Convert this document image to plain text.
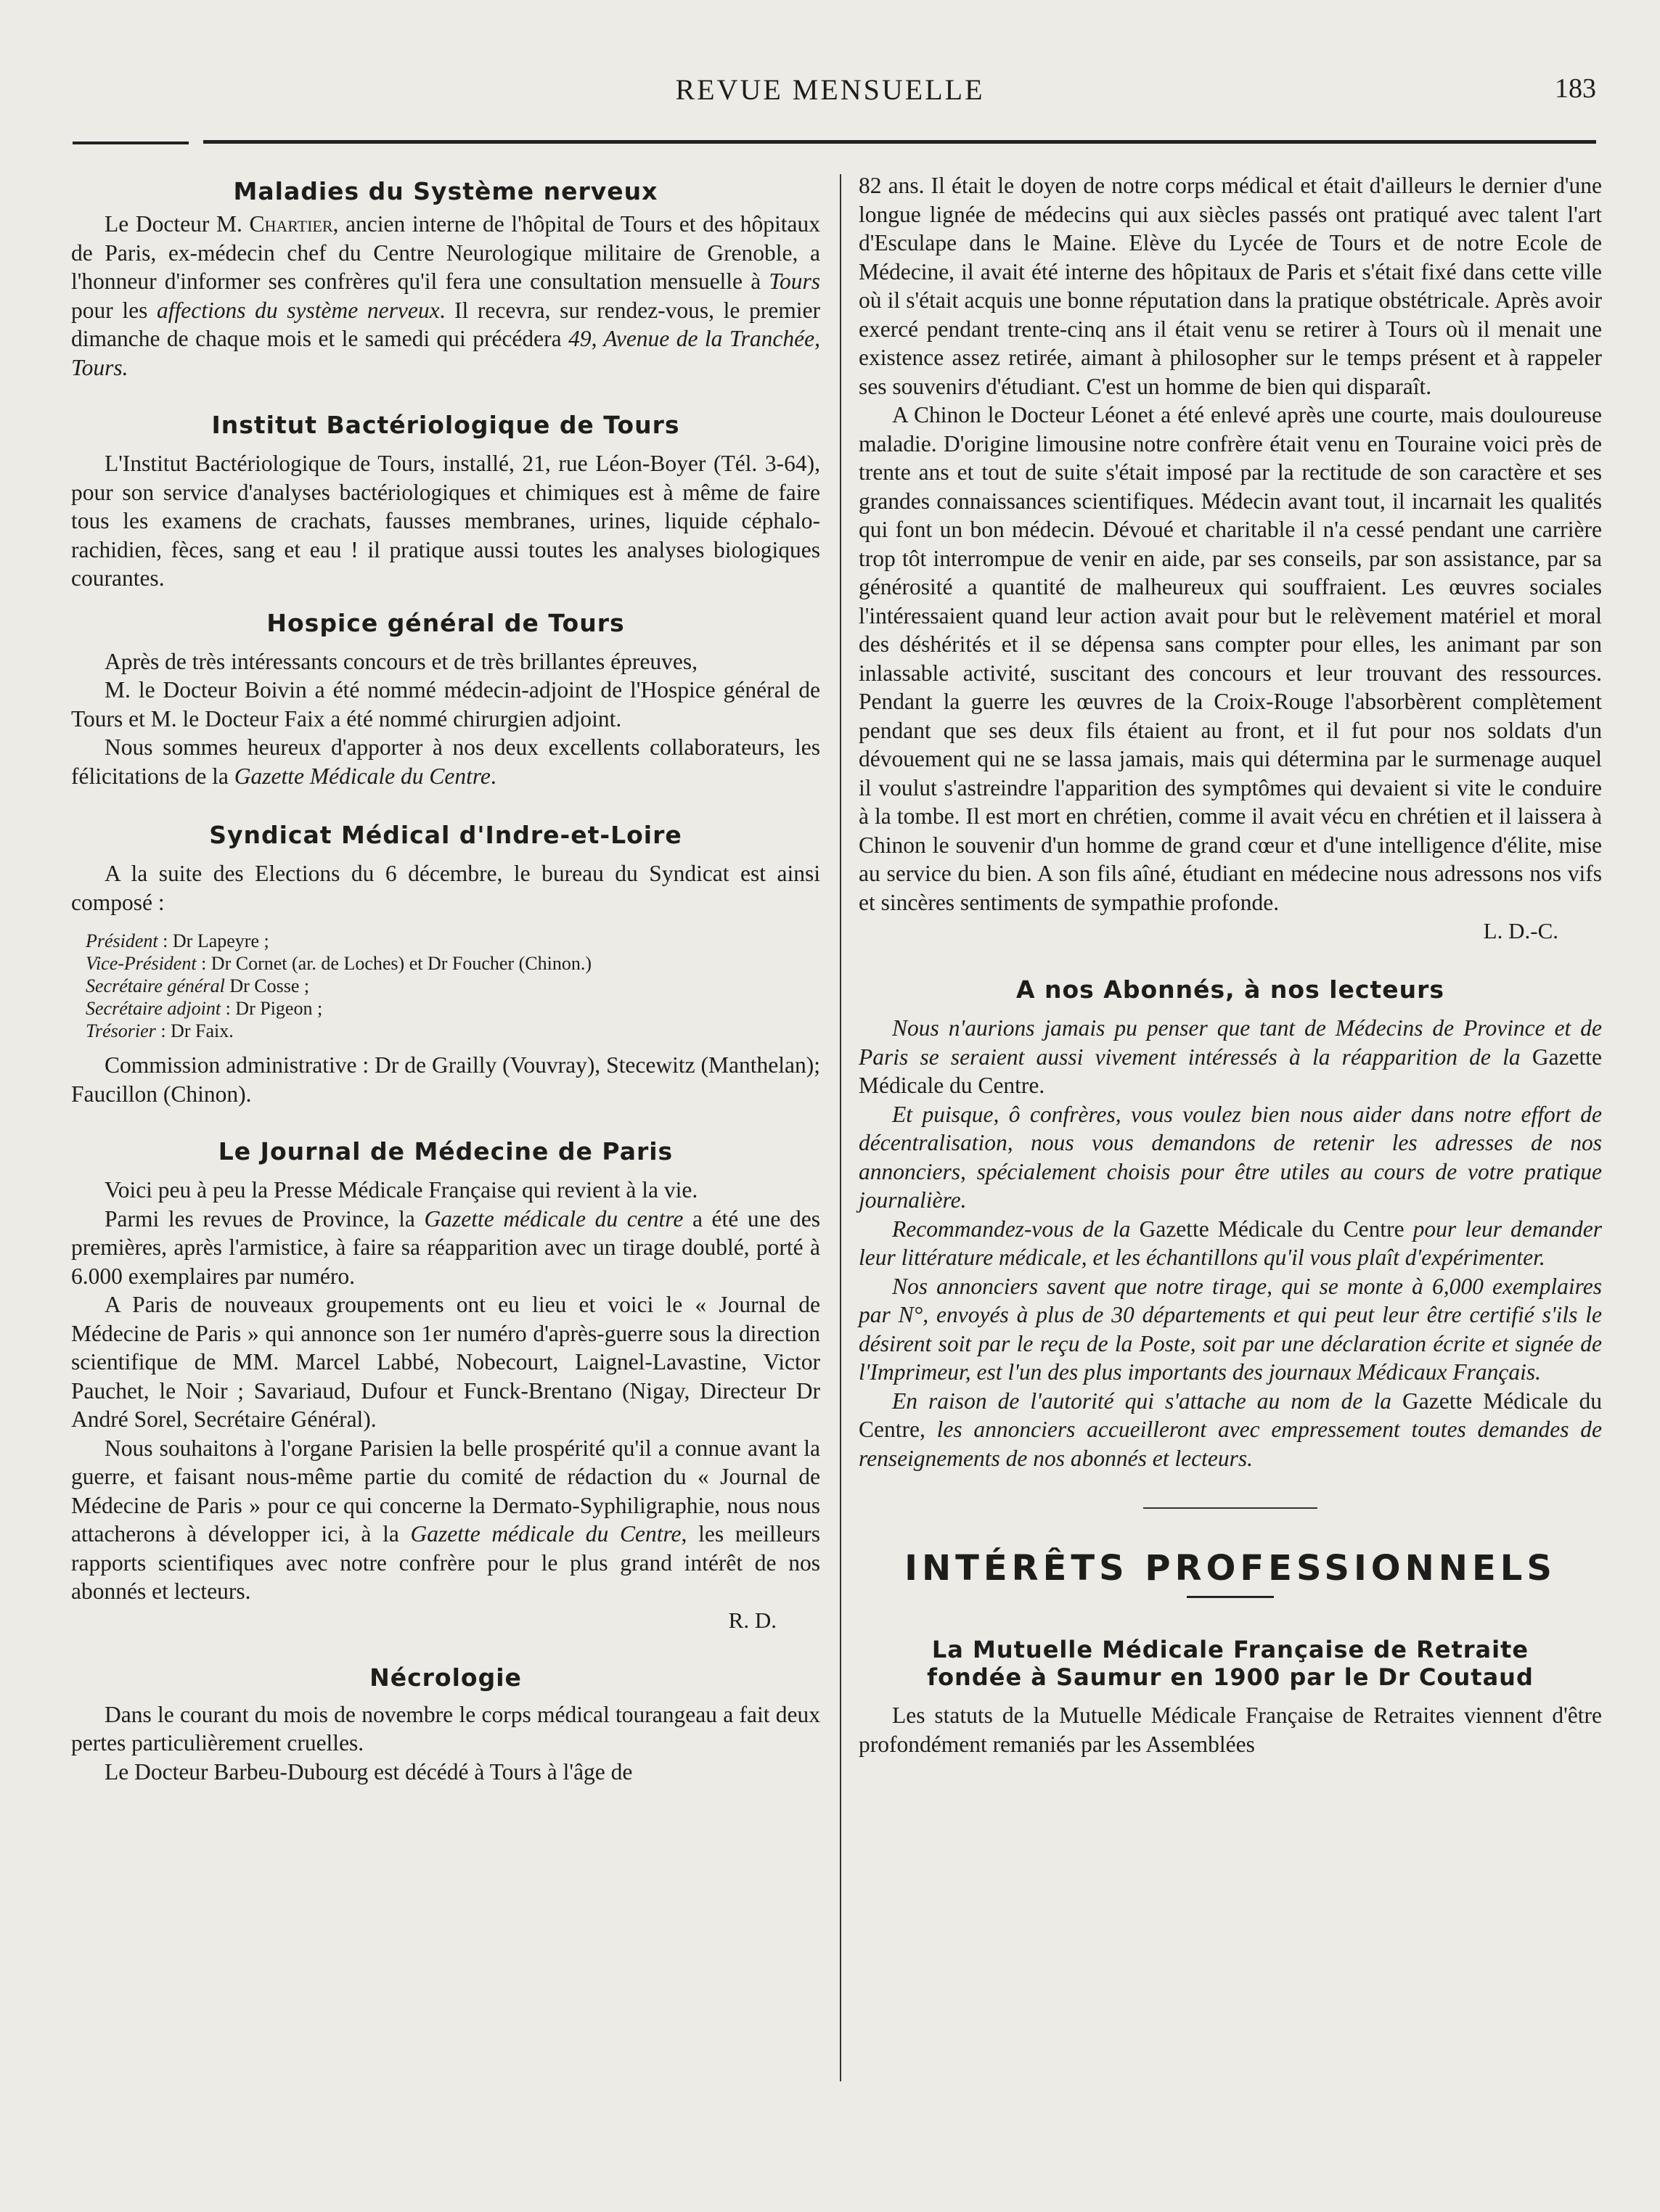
REVUE MENSUELLE	183
Maladies du Système nerveux

Le Docteur M. Chartier, ancien interne de l'hôpital de Tours et des hôpitaux de Paris, ex-médecin chef du Centre Neurologique militaire de Grenoble, a l'honneur d'informer ses confrères qu'il fera une consultation mensuelle à Tours pour les affections du système nerveux. Il recevra, sur rendez-vous, le premier dimanche de chaque mois et le samedi qui précédera 49, Avenue de la Tranchée, Tours.

Institut Bactériologique de Tours

L'Institut Bactériologique de Tours, installé, 21, rue Léon-Boyer (Tél. 3-64), pour son service d'analyses bactériologiques et chimiques est à même de faire tous les examens de crachats, fausses membranes, urines, liquide céphalo-rachidien, fèces, sang et eau ! il pratique aussi toutes les analyses biologiques courantes.

Hospice général de Tours

Après de très intéressants concours et de très brillantes épreuves,

M. le Docteur Boivin a été nommé médecin-adjoint de l'Hospice général de Tours et M. le Docteur Faix a été nommé chirurgien adjoint.

Nous sommes heureux d'apporter à nos deux excellents collaborateurs, les félicitations de la Gazette Médicale du Centre.

Syndicat Médical d'Indre-et-Loire

A la suite des Elections du 6 décembre, le bureau du Syndicat est ainsi composé :

Président : Dr Lapeyre ;
Vice-Président : Dr Cornet (ar. de Loches) et Dr Foucher (Chinon.)
Secrétaire général Dr Cosse ;
Secrétaire adjoint : Dr Pigeon ;
Trésorier : Dr Faix.

Commission administrative : Dr de Grailly (Vouvray), Stecewitz (Manthelan); Faucillon (Chinon).

Le Journal de Médecine de Paris

Voici peu à peu la Presse Médicale Française qui revient à la vie.

Parmi les revues de Province, la Gazette médicale du centre a été une des premières, après l'armistice, à faire sa réapparition avec un tirage doublé, porté à 6.000 exemplaires par numéro.

A Paris de nouveaux groupements ont eu lieu et voici le « Journal de Médecine de Paris » qui annonce son 1er numéro d'après-guerre sous la direction scientifique de MM. Marcel Labbé, Nobecourt, Laignel-Lavastine, Victor Pauchet, le Noir ; Savariaud, Dufour et Funck-Brentano (Nigay, Directeur Dr André Sorel, Secrétaire Général).

Nous souhaitons à l'organe Parisien la belle prospérité qu'il a connue avant la guerre, et faisant nous-même partie du comité de rédaction du « Journal de Médecine de Paris » pour ce qui concerne la Dermato-Syphiligraphie, nous nous attacherons à développer ici, à la Gazette médicale du Centre, les meilleurs rapports scientifiques avec notre confrère pour le plus grand intérêt de nos abonnés et lecteurs.

R. D.
Nécrologie

Dans le courant du mois de novembre le corps médical tourangeau a fait deux pertes particulièrement cruelles.

Le Docteur Barbeu-Dubourg est décédé à Tours à l'âge de

82 ans. Il était le doyen de notre corps médical et était d'ailleurs le dernier d'une longue lignée de médecins qui aux siècles passés ont pratiqué avec talent l'art d'Esculape dans le Maine. Elève du Lycée de Tours et de notre Ecole de Médecine, il avait été interne des hôpitaux de Paris et s'était fixé dans cette ville où il s'était acquis une bonne réputation dans la pratique obstétricale. Après avoir exercé pendant trente-cinq ans il était venu se retirer à Tours où il menait une existence assez retirée, aimant à philosopher sur le temps présent et à rappeler ses souvenirs d'étudiant. C'est un homme de bien qui disparaît.

A Chinon le Docteur Léonet a été enlevé après une courte, mais douloureuse maladie. D'origine limousine notre confrère était venu en Touraine voici près de trente ans et tout de suite s'était imposé par la rectitude de son caractère et ses grandes connaissances scientifiques. Médecin avant tout, il incarnait les qualités qui font un bon médecin. Dévoué et charitable il n'a cessé pendant une carrière trop tôt interrompue de venir en aide, par ses conseils, par son assistance, par sa générosité a quantité de malheureux qui souffraient. Les œuvres sociales l'intéressaient quand leur action avait pour but le relèvement matériel et moral des déshérités et il se dépensa sans compter pour elles, les animant par son inlassable activité, suscitant des concours et leur trouvant des ressources. Pendant la guerre les œuvres de la Croix-Rouge l'absorbèrent complètement pendant que ses deux fils étaient au front, et il fut pour nos soldats d'un dévouement qui ne se lassa jamais, mais qui détermina par le surmenage auquel il voulut s'astreindre l'apparition des symptômes qui devaient si vite le conduire à la tombe. Il est mort en chrétien, comme il avait vécu en chrétien et il laissera à Chinon le souvenir d'un homme de grand cœur et d'une intelligence d'élite, mise au service du bien. A son fils aîné, étudiant en médecine nous adressons nos vifs et sincères sentiments de sympathie profonde.

L. D.-C.
A nos Abonnés, à nos lecteurs

Nous n'aurions jamais pu penser que tant de Médecins de Province et de Paris se seraient aussi vivement intéressés à la réapparition de la Gazette Médicale du Centre.

Et puisque, ô confrères, vous voulez bien nous aider dans notre effort de décentralisation, nous vous demandons de retenir les adresses de nos annonciers, spécialement choisis pour être utiles au cours de votre pratique journalière.

Recommandez-vous de la Gazette Médicale du Centre pour leur demander leur littérature médicale, et les échantillons qu'il vous plaît d'expérimenter.

Nos annonciers savent que notre tirage, qui se monte à 6,000 exemplaires par N°, envoyés à plus de 30 départements et qui peut leur être certifié s'ils le désirent soit par le reçu de la Poste, soit par une déclaration écrite et signée de l'Imprimeur, est l'un des plus importants des journaux Médicaux Français.

En raison de l'autorité qui s'attache au nom de la Gazette Médicale du Centre, les annonciers accueilleront avec empressement toutes demandes de renseignements de nos abonnés et lecteurs.

INTÉRÊTS PROFESSIONNELS
La Mutuelle Médicale Française de Retraite
fondée à Saumur en 1900 par le Dr Coutaud

Les statuts de la Mutuelle Médicale Française de Retraites viennent d'être profondément remaniés par les Assemblées
